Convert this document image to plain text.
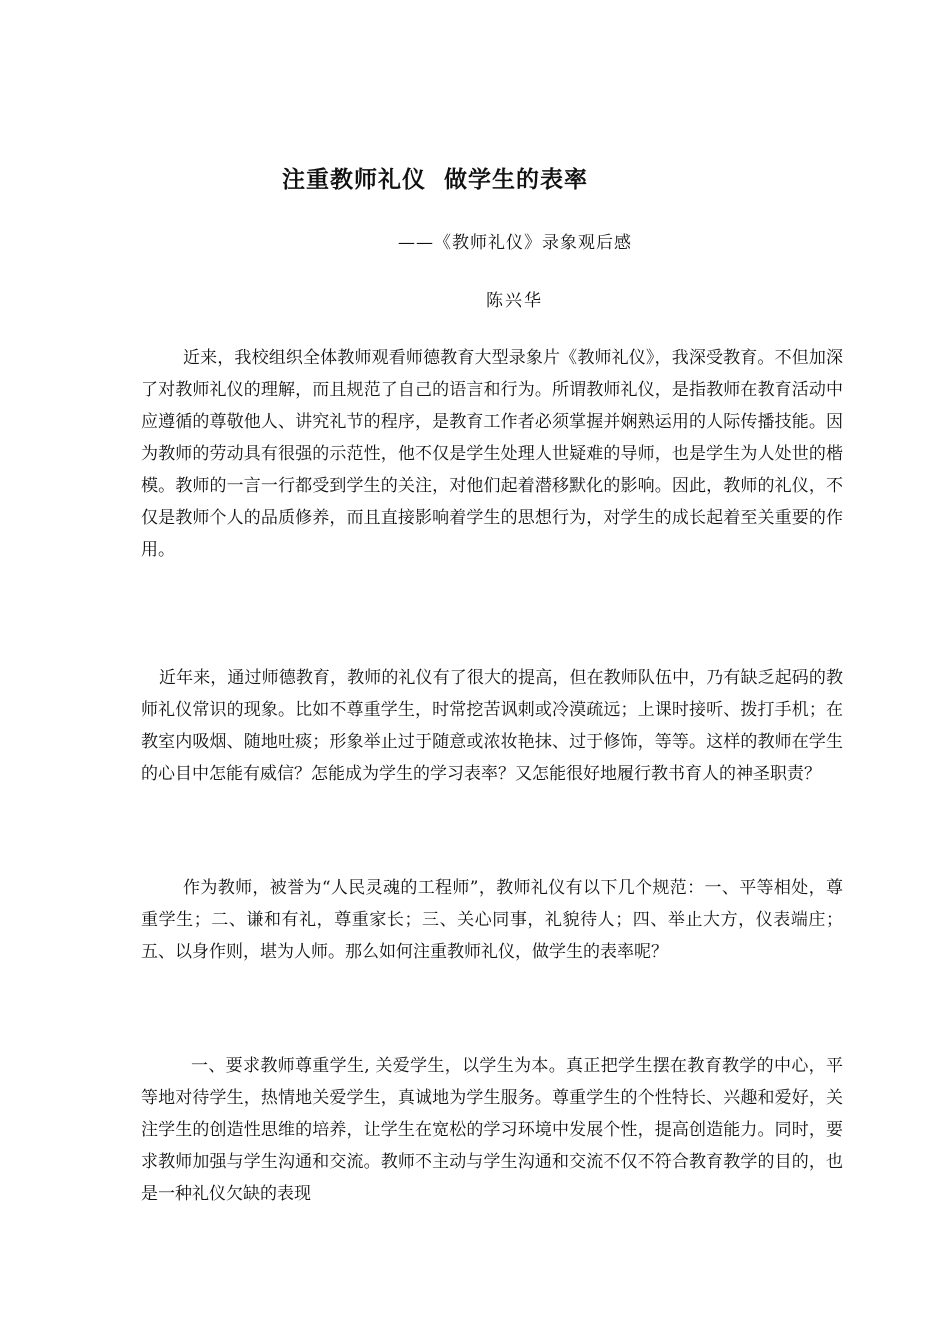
注重教师礼仪  做学生的表率
——《教师礼仪》录象观后感
陈兴华

近来，我校组织全体教师观看师德教育大型录象片《教师礼仪》，我深受教育。不但加深了对教师礼仪的理解，而且规范了自己的语言和行为。所谓教师礼仪，是指教师在教育活动中应遵循的尊敬他人、讲究礼节的程序，是教育工作者必须掌握并娴熟运用的人际传播技能。因为教师的劳动具有很强的示范性，他不仅是学生处理人世疑难的导师，也是学生为人处世的楷模。教师的一言一行都受到学生的关注，对他们起着潜移默化的影响。因此，教师的礼仪，不仅是教师个人的品质修养，而且直接影响着学生的思想行为，对学生的成长起着至关重要的作用。

近年来，通过师德教育，教师的礼仪有了很大的提高，但在教师队伍中，乃有缺乏起码的教师礼仪常识的现象。比如不尊重学生，时常挖苦讽刺或冷漠疏远；上课时接听、拨打手机；在教室内吸烟、随地吐痰；形象举止过于随意或浓妆艳抹、过于修饰，等等。这样的教师在学生的心目中怎能有威信？怎能成为学生的学习表率？又怎能很好地履行教书育人的神圣职责？

作为教师，被誉为“人民灵魂的工程师”，教师礼仪有以下几个规范：一、平等相处，尊重学生；二、谦和有礼，尊重家长；三、关心同事，礼貌待人；四、举止大方，仪表端庄；五、以身作则，堪为人师。那么如何注重教师礼仪，做学生的表率呢？

一、要求教师尊重学生, 关爱学生，以学生为本。真正把学生摆在教育教学的中心，平等地对待学生，热情地关爱学生，真诚地为学生服务。尊重学生的个性特长、兴趣和爱好，关注学生的创造性思维的培养，让学生在宽松的学习环境中发展个性，提高创造能力。同时，要求教师加强与学生沟通和交流。教师不主动与学生沟通和交流不仅不符合教育教学的目的，也是一种礼仪欠缺的表现
